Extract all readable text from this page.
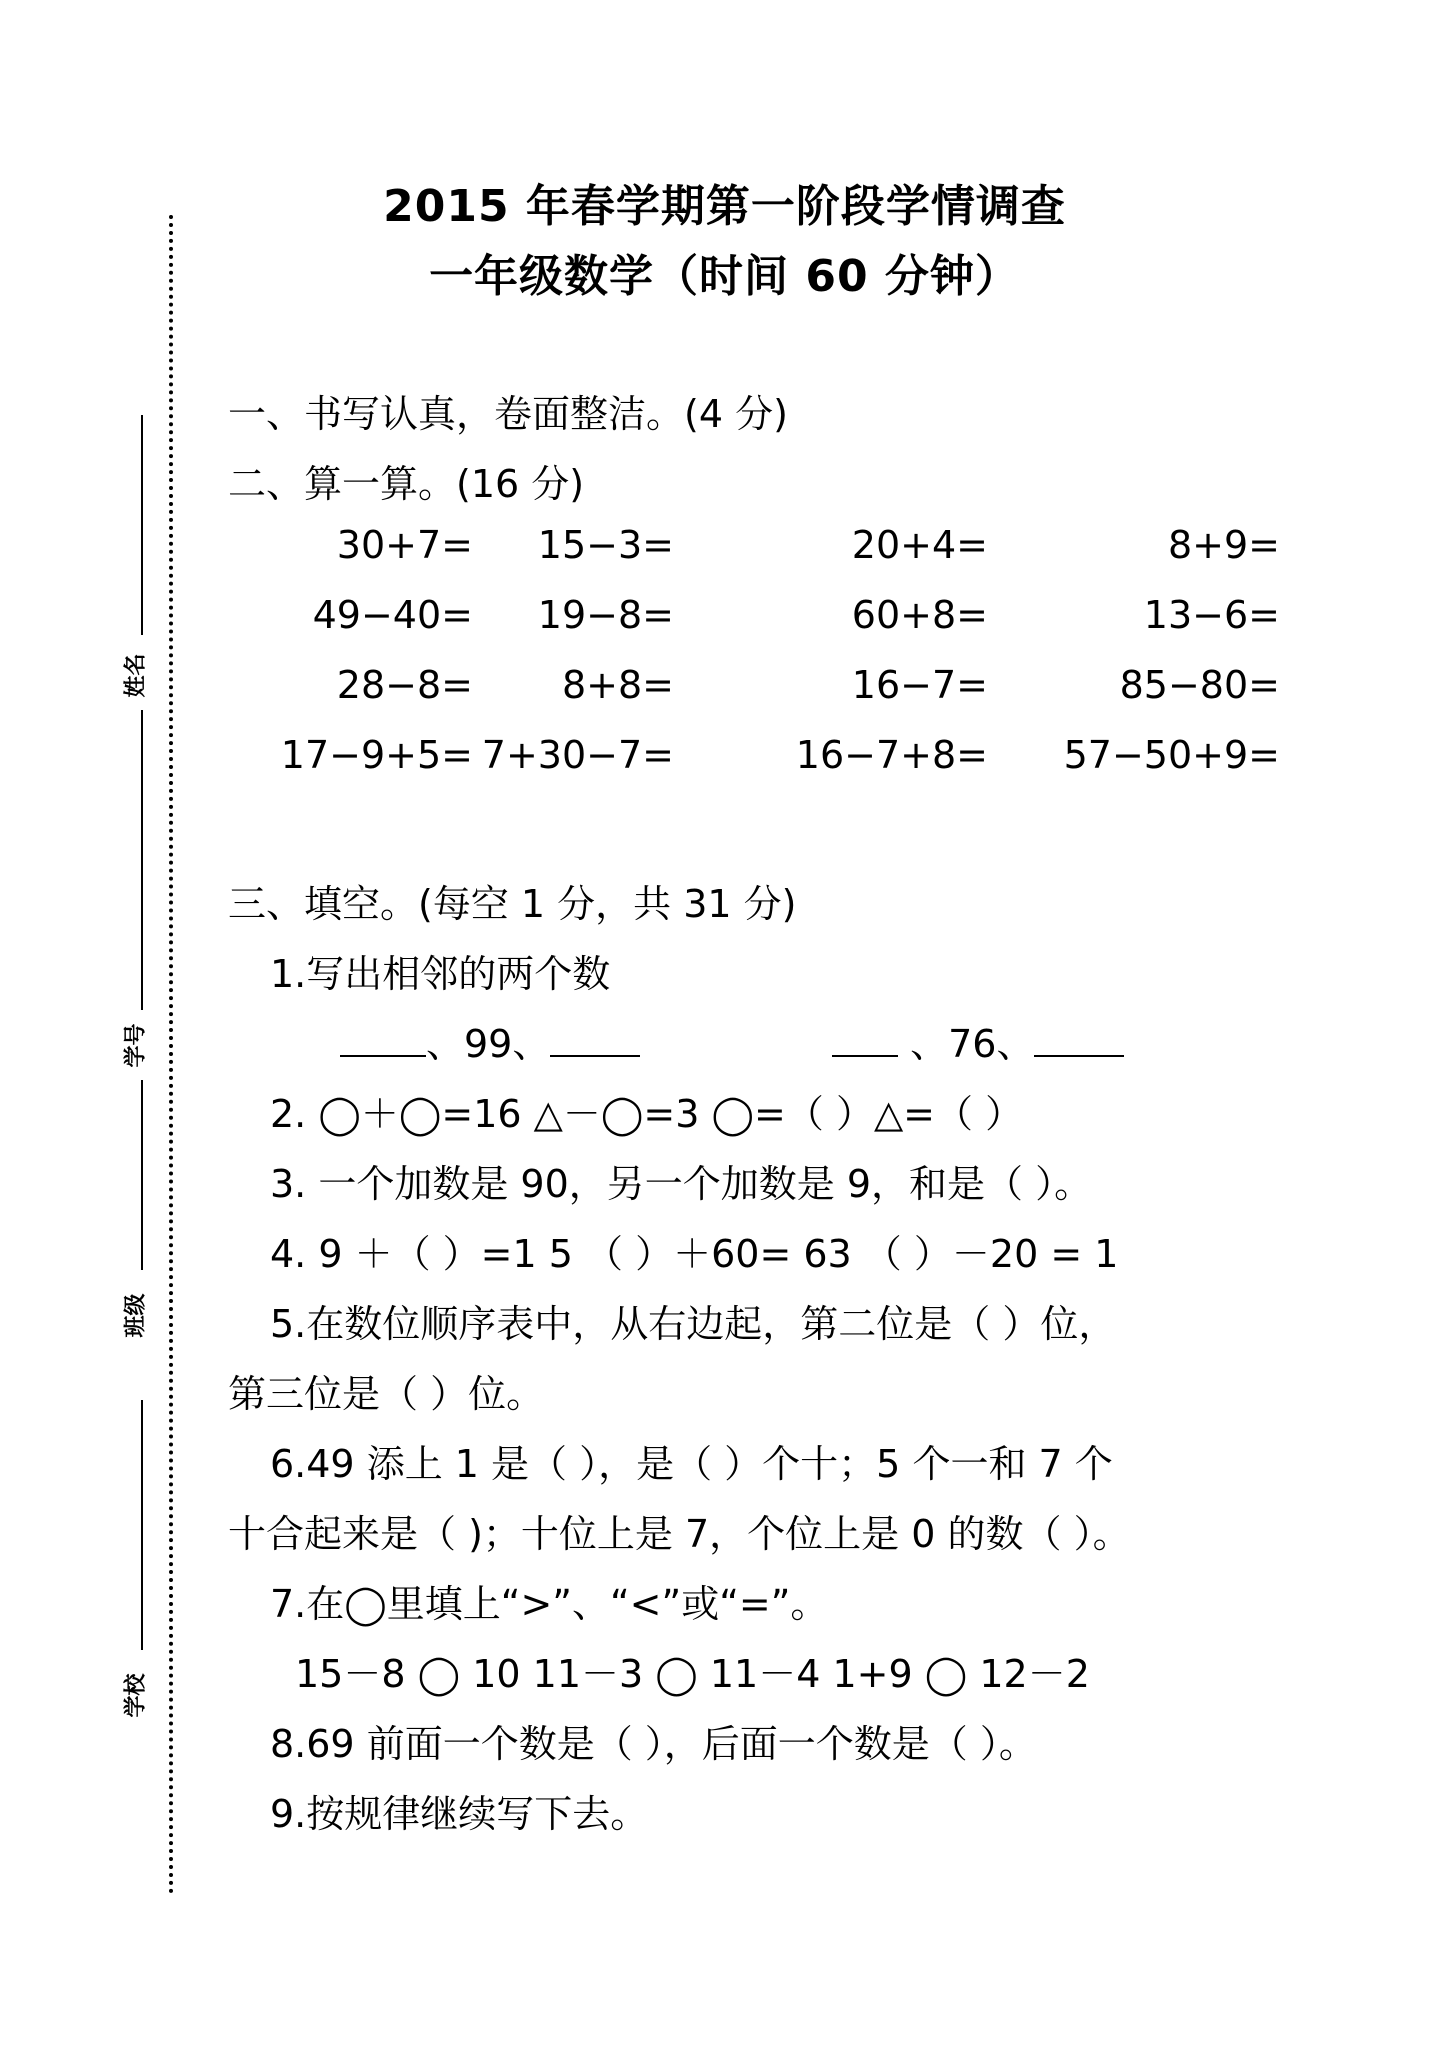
姓名
学号
班级
学校
2015 年春学期第一阶段学情调查
一年级数学（时间 60 分钟）
一、书写认真，卷面整洁。(4 分)
二、算一算。(16 分)
30+7=	15−3=	20+4=	8+9=
49−40=	19−8=	60+8=	13−6=
28−8=	8+8=	16−7=	85−80=
17−9+5= 7+30−7=	16−7+8=	57−50+9=
三、填空。(每空 1 分，共 31 分)
1.写出相邻的两个数
、99、	、76、
2. ◯＋◯=16 △－◯=3 ◯=（ ）△=（ ）
3. 一个加数是 90，另一个加数是 9，和是（ ）。
4. 9 ＋（ ）=1 5 （ ）＋60= 63 （ ）－20 = 1
5.在数位顺序表中，从右边起，第二位是（ ）位，
第三位是（ ）位。
6.49 添上 1 是（ ），是（ ）个十；5 个一和 7 个
十合起来是（ )；十位上是 7，个位上是 0 的数（ ）。
7.在◯里填上“>”、“<”或“=”。
15－8 ◯ 10 11－3 ◯ 11－4 1+9 ◯ 12－2
8.69 前面一个数是（ ），后面一个数是（ ）。
9.按规律继续写下去。
